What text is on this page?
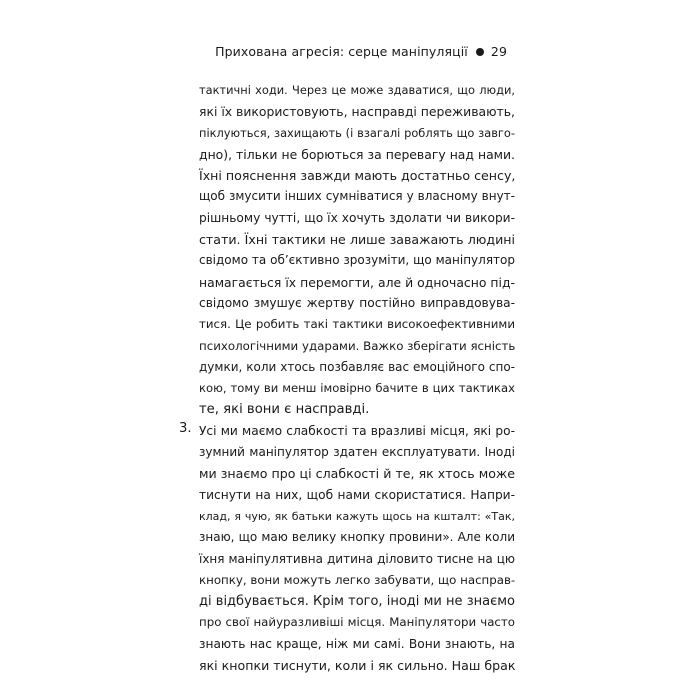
Прихована агресія: серце маніпуляції 29
тактичні ходи. Через це може здаватися, що люди,
які їх використовують, насправді переживають,
піклуються, захищають (і взагалі роблять що завго-
дно), тільки не борються за перевагу над нами.
Їхні пояснення завжди мають достатньо сенсу,
щоб змусити інших сумніватися у власному внут-
рішньому чутті, що їх хочуть здолати чи викори-
стати. Їхні тактики не лише заважають людині
свідомо та об’єктивно зрозуміти, що маніпулятор
намагається їх перемогти, але й одночасно під-
свідомо змушує жертву постійно виправдовува-
тися. Це робить такі тактики високоефективними
психологічними ударами. Важко зберігати ясність
думки, коли хтось позбавляє вас емоційного спо-
кою, тому ви менш імовірно бачите в цих тактиках
те, які вони є насправді.
Усі ми маємо слабкості та вразливі місця, які ро-
зумний маніпулятор здатен експлуатувати. Іноді
ми знаємо про ці слабкості й те, як хтось може
тиснути на них, щоб нами скористатися. Напри-
клад, я чую, як батьки кажуть щось на кшталт: «Так,
знаю, що маю велику кнопку провини». Але коли
їхня маніпулятивна дитина діловито тисне на цю
кнопку, вони можуть легко забувати, що насправ-
ді відбувається. Крім того, іноді ми не знаємо
про свої найуразливіші місця. Маніпулятори часто
знають нас краще, ніж ми самі. Вони знають, на
які кнопки тиснути, коли і як сильно. Наш брак
3.
